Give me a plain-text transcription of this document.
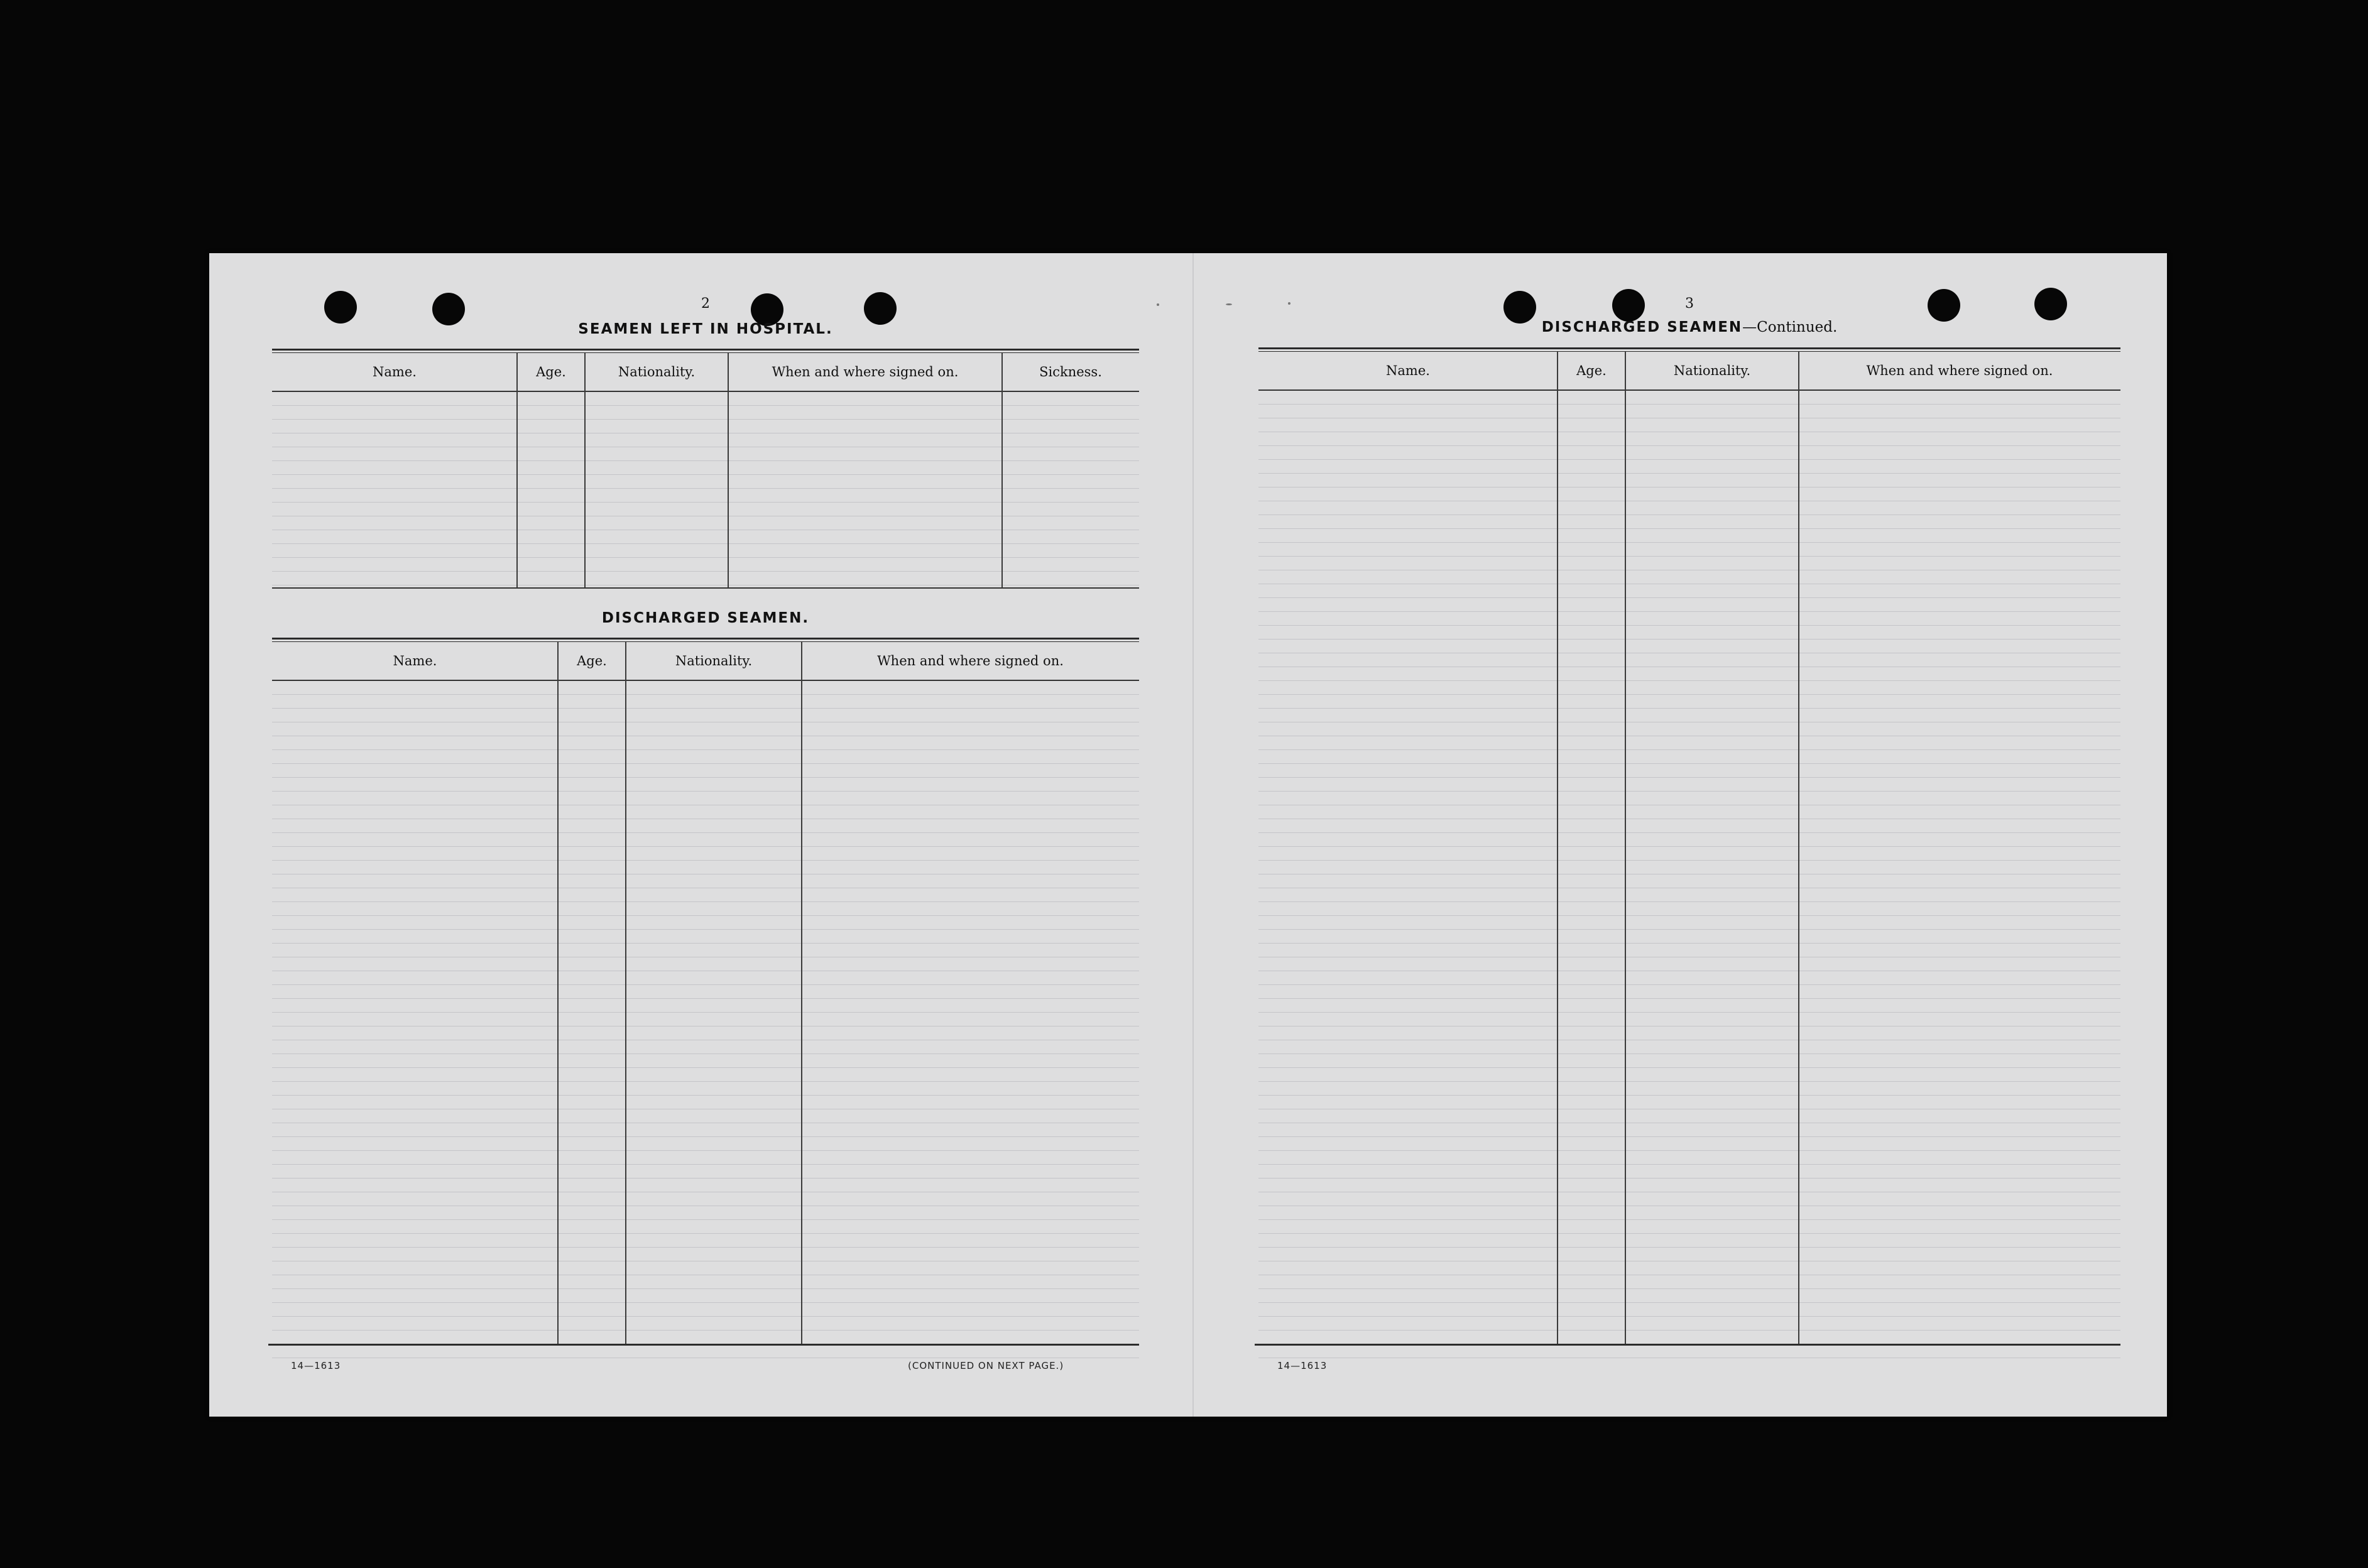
2
SEAMEN LEFT IN HOSPITAL.
Name.	Age.	Nationality.	When and where signed on.	Sickness.
DISCHARGED SEAMEN.
Name.	Age.	Nationality.	When and where signed on.
14—1613	(CONTINUED ON NEXT PAGE.)
3
DISCHARGED SEAMEN—Continued.
Name.	Age.	Nationality.	When and where signed on.
14—1613
